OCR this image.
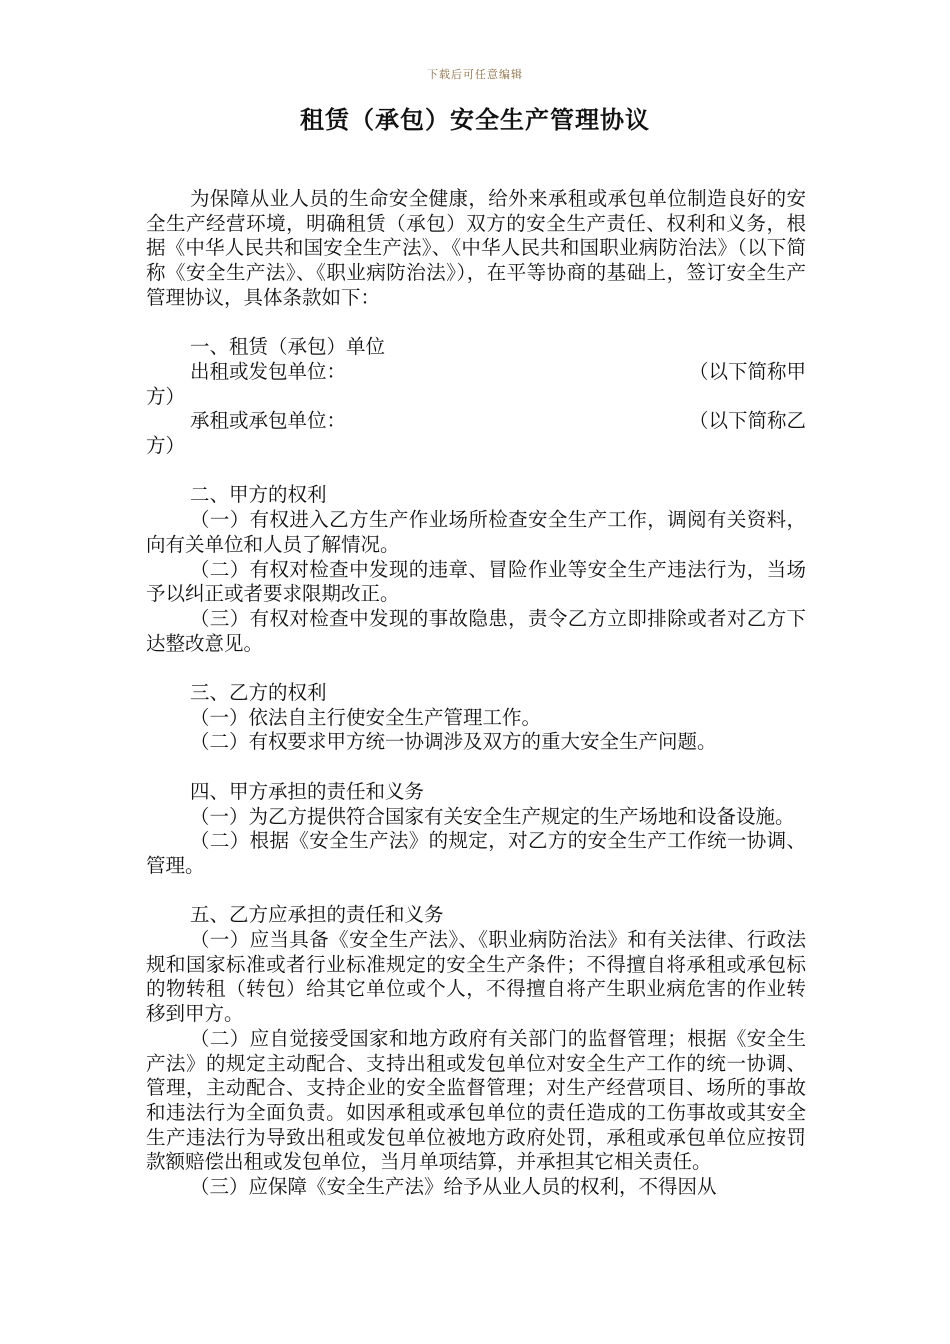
下载后可任意编辑
租赁（承包）安全生产管理协议

为保障从业人员的生命安全健康，给外来承租或承包单位制造良好的安全生产经营环境，明确租赁（承包）双方的安全生产责任、权利和义务，根据《中华人民共和国安全生产法》、《中华人民共和国职业病防治法》（以下简称《安全生产法》、《职业病防治法》），在平等协商的基础上，签订安全生产管理协议，具体条款如下：

一、租赁（承包）单位

出租或发包单位：	（以下简称甲

方）

承租或承包单位：	（以下简称乙

方）

二、甲方的权利

（一）有权进入乙方生产作业场所检查安全生产工作，调阅有关资料，向有关单位和人员了解情况。

（二）有权对检查中发现的违章、冒险作业等安全生产违法行为，当场予以纠正或者要求限期改正。

（三）有权对检查中发现的事故隐患，责令乙方立即排除或者对乙方下达整改意见。

三、乙方的权利

（一）依法自主行使安全生产管理工作。

（二）有权要求甲方统一协调涉及双方的重大安全生产问题。

四、甲方承担的责任和义务

（一）为乙方提供符合国家有关安全生产规定的生产场地和设备设施。

（二）根据《安全生产法》的规定，对乙方的安全生产工作统一协调、管理。

五、乙方应承担的责任和义务

（一）应当具备《安全生产法》、《职业病防治法》和有关法律、行政法规和国家标准或者行业标准规定的安全生产条件；不得擅自将承租或承包标的物转租（转包）给其它单位或个人，不得擅自将产生职业病危害的作业转移到甲方。

（二）应自觉接受国家和地方政府有关部门的监督管理；根据《安全生产法》的规定主动配合、支持出租或发包单位对安全生产工作的统一协调、管理，主动配合、支持企业的安全监督管理；对生产经营项目、场所的事故和违法行为全面负责。如因承租或承包单位的责任造成的工伤事故或其安全生产违法行为导致出租或发包单位被地方政府处罚，承租或承包单位应按罚款额赔偿出租或发包单位，当月单项结算，并承担其它相关责任。

（三）应保障《安全生产法》给予从业人员的权利，不得因从
